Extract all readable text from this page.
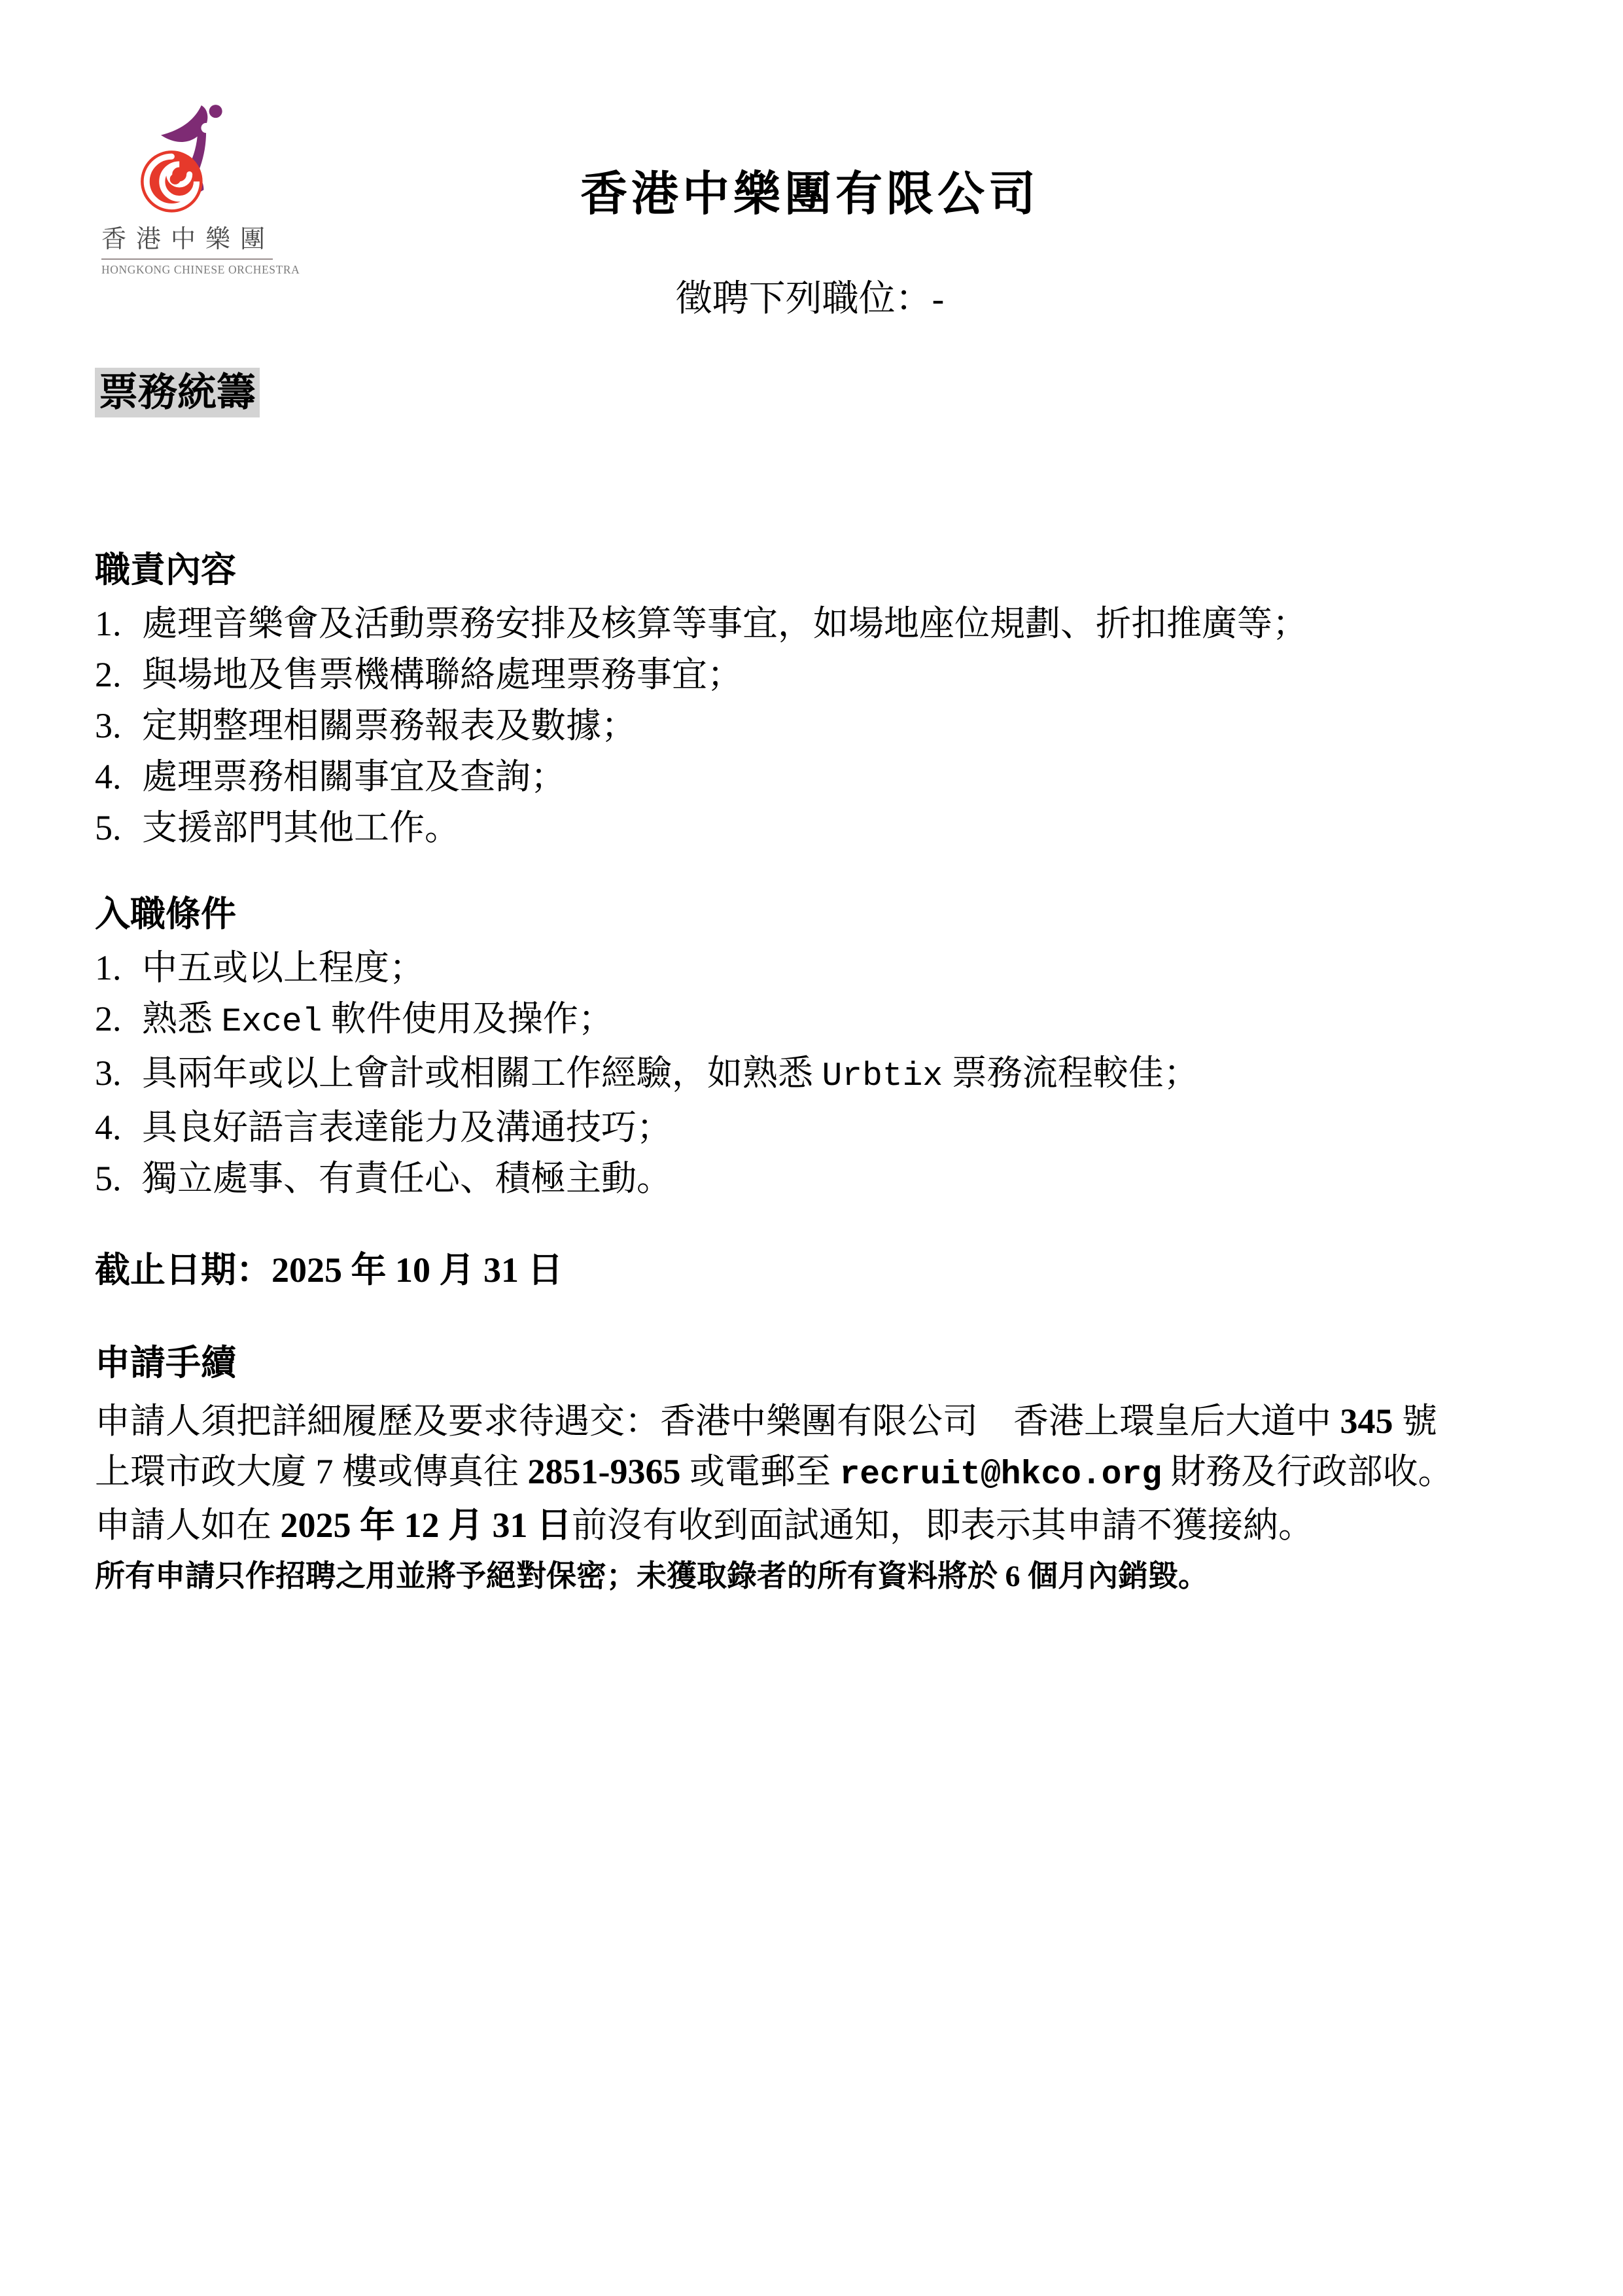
香港中樂團
HONGKONG CHINESE ORCHESTRA
香港中樂團有限公司
徵聘下列職位：-
票務統籌
職責內容
1. 處理音樂會及活動票務安排及核算等事宜，如場地座位規劃、折扣推廣等；
2. 與場地及售票機構聯絡處理票務事宜；
3. 定期整理相關票務報表及數據；
4. 處理票務相關事宜及查詢；
5. 支援部門其他工作。
入職條件
1. 中五或以上程度；
2. 熟悉 Excel 軟件使用及操作；
3. 具兩年或以上會計或相關工作經驗，如熟悉 Urbtix 票務流程較佳；
4. 具良好語言表達能力及溝通技巧；
5. 獨立處事、有責任心、積極主動。
截止日期：2025 年 10 月 31 日
申請手續
申請人須把詳細履歷及要求待遇交：香港中樂團有限公司　香港上環皇后大道中 345 號
上環市政大廈 7 樓或傳真往 2851-9365 或電郵至 recruit@hkco.org 財務及行政部收。
申請人如在 2025 年 12 月 31 日前沒有收到面試通知，即表示其申請不獲接納。
所有申請只作招聘之用並將予絕對保密；未獲取錄者的所有資料將於 6 個月內銷毀。
